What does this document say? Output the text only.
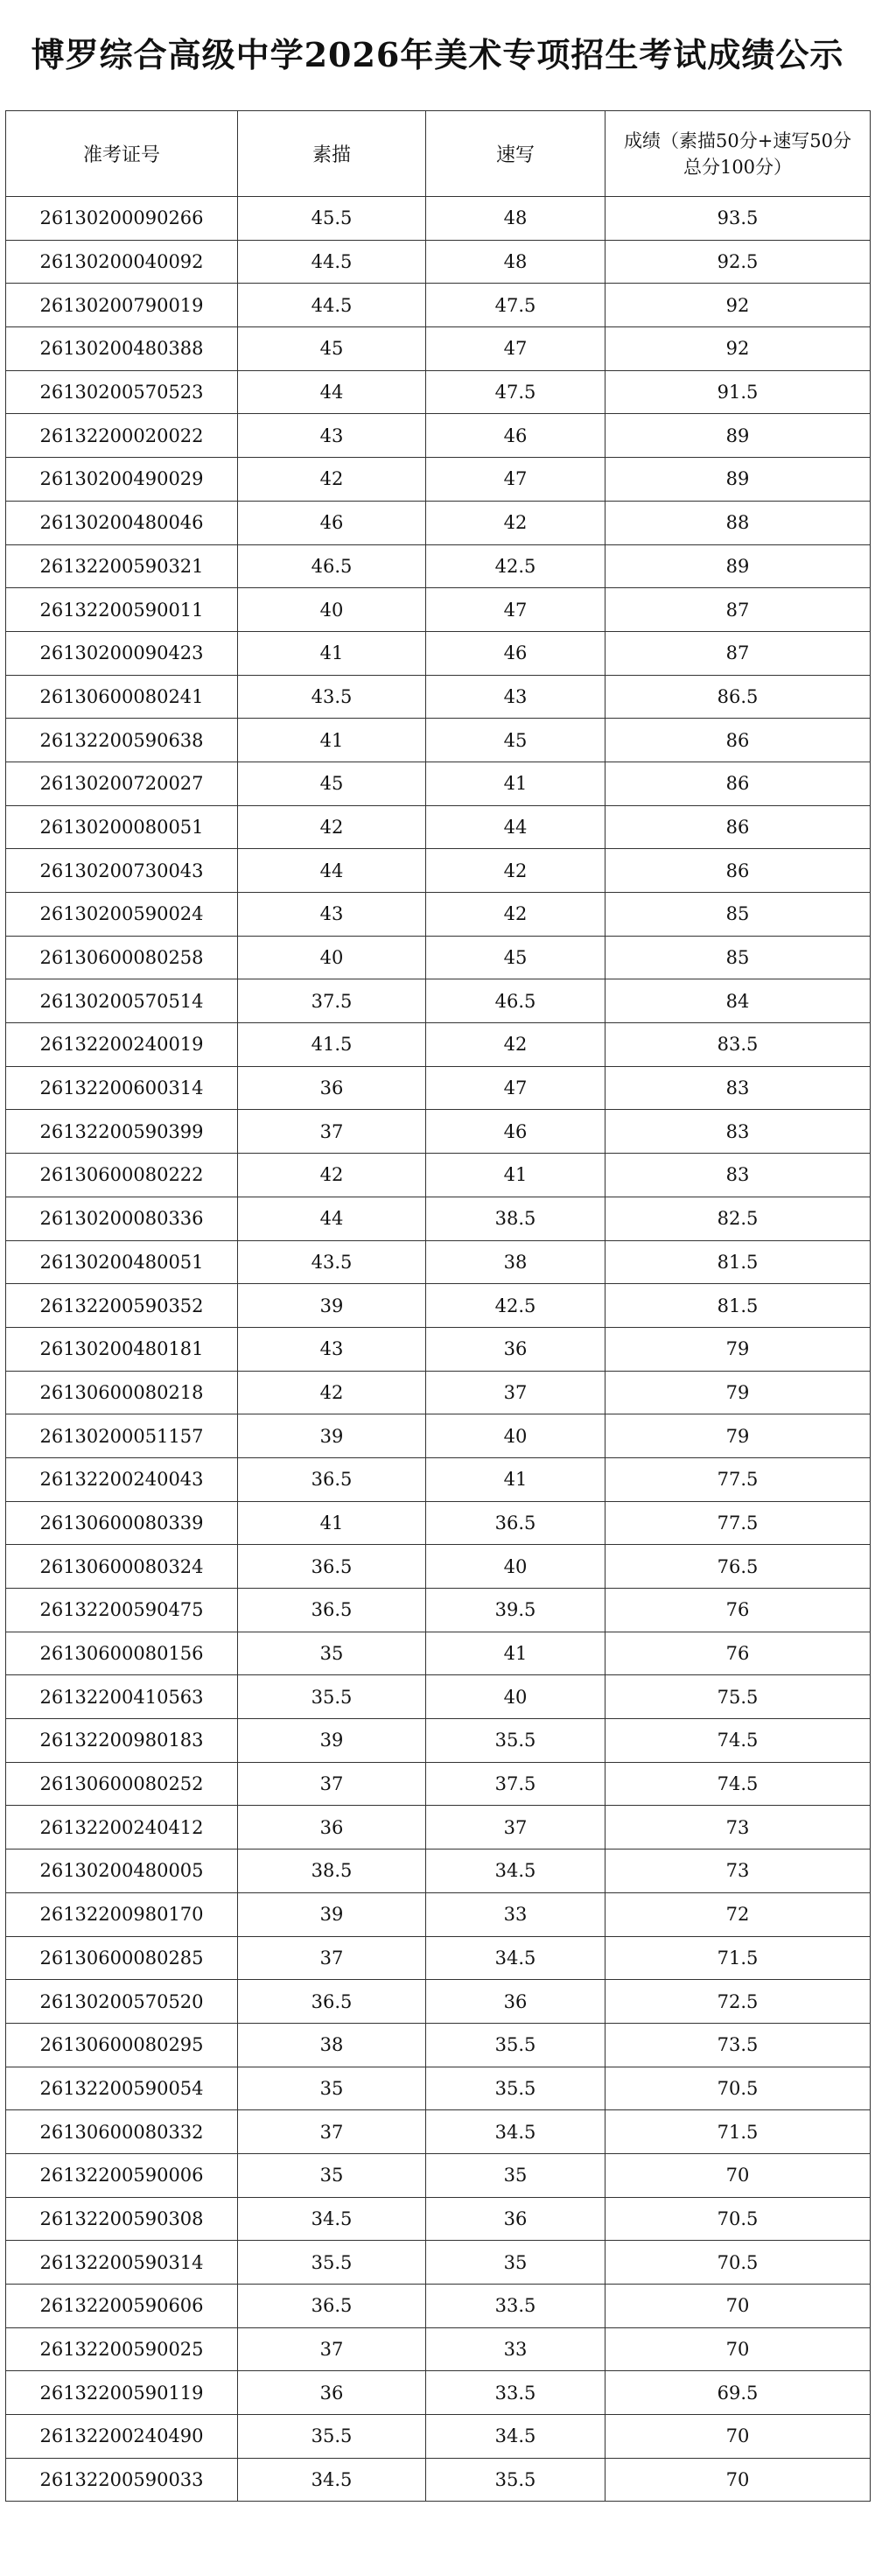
博罗综合高级中学2026年美术专项招生考试成绩公示
准考证号	素描	速写	成绩（素描50分+速写50分
总分100分）
26130200090266	45.5	48	93.5
26130200040092	44.5	48	92.5
26130200790019	44.5	47.5	92
26130200480388	45	47	92
26130200570523	44	47.5	91.5
26132200020022	43	46	89
26130200490029	42	47	89
26130200480046	46	42	88
26132200590321	46.5	42.5	89
26132200590011	40	47	87
26130200090423	41	46	87
26130600080241	43.5	43	86.5
26132200590638	41	45	86
26130200720027	45	41	86
26130200080051	42	44	86
26130200730043	44	42	86
26130200590024	43	42	85
26130600080258	40	45	85
26130200570514	37.5	46.5	84
26132200240019	41.5	42	83.5
26132200600314	36	47	83
26132200590399	37	46	83
26130600080222	42	41	83
26130200080336	44	38.5	82.5
26130200480051	43.5	38	81.5
26132200590352	39	42.5	81.5
26130200480181	43	36	79
26130600080218	42	37	79
26130200051157	39	40	79
26132200240043	36.5	41	77.5
26130600080339	41	36.5	77.5
26130600080324	36.5	40	76.5
26132200590475	36.5	39.5	76
26130600080156	35	41	76
26132200410563	35.5	40	75.5
26132200980183	39	35.5	74.5
26130600080252	37	37.5	74.5
26132200240412	36	37	73
26130200480005	38.5	34.5	73
26132200980170	39	33	72
26130600080285	37	34.5	71.5
26130200570520	36.5	36	72.5
26130600080295	38	35.5	73.5
26132200590054	35	35.5	70.5
26130600080332	37	34.5	71.5
26132200590006	35	35	70
26132200590308	34.5	36	70.5
26132200590314	35.5	35	70.5
26132200590606	36.5	33.5	70
26132200590025	37	33	70
26132200590119	36	33.5	69.5
26132200240490	35.5	34.5	70
26132200590033	34.5	35.5	70
